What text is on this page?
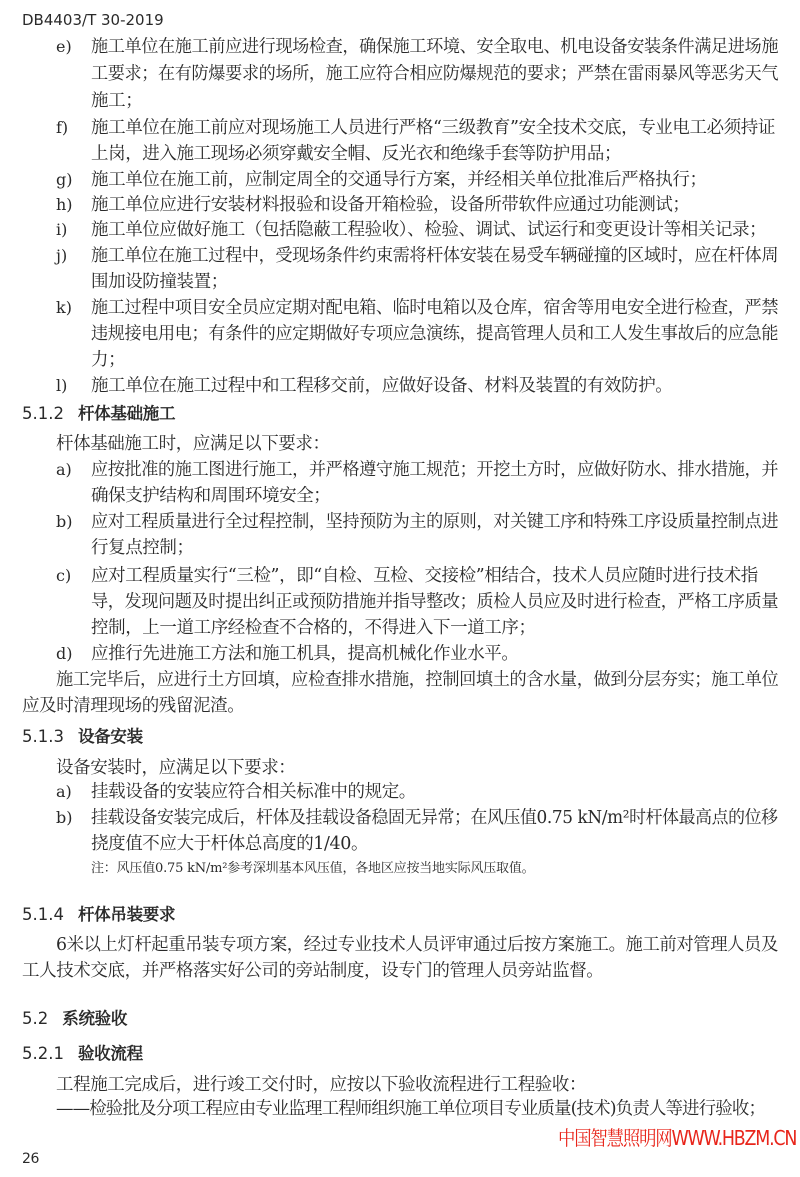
DB4403/T 30-2019
e) 施工单位在施工前应进行现场检查，确保施工环境、安全取电、机电设备安装条件满足进场施
工要求；在有防爆要求的场所，施工应符合相应防爆规范的要求；严禁在雷雨暴风等恶劣天气
施工；
f) 施工单位在施工前应对现场施工人员进行严格“三级教育”安全技术交底，专业电工必须持证
上岗，进入施工现场必须穿戴安全帽、反光衣和绝缘手套等防护用品；
g) 施工单位在施工前，应制定周全的交通导行方案，并经相关单位批准后严格执行；
h) 施工单位应进行安装材料报验和设备开箱检验，设备所带软件应通过功能测试；
i) 施工单位应做好施工（包括隐蔽工程验收）、检验、调试、试运行和变更设计等相关记录；
j) 施工单位在施工过程中，受现场条件约束需将杆体安装在易受车辆碰撞的区域时，应在杆体周
围加设防撞装置；
k) 施工过程中项目安全员应定期对配电箱、临时电箱以及仓库，宿舍等用电安全进行检查，严禁
违规接电用电；有条件的应定期做好专项应急演练，提高管理人员和工人发生事故后的应急能
力；
l) 施工单位在施工过程中和工程移交前，应做好设备、材料及装置的有效防护。
5.1.2 杆体基础施工
杆体基础施工时，应满足以下要求：
a) 应按批准的施工图进行施工，并严格遵守施工规范；开挖土方时，应做好防水、排水措施，并
确保支护结构和周围环境安全；
b) 应对工程质量进行全过程控制，坚持预防为主的原则，对关键工序和特殊工序设质量控制点进
行复点控制；
c) 应对工程质量实行“三检”，即“自检、互检、交接检”相结合，技术人员应随时进行技术指
导，发现问题及时提出纠正或预防措施并指导整改；质检人员应及时进行检查，严格工序质量
控制，上一道工序经检查不合格的，不得进入下一道工序；
d) 应推行先进施工方法和施工机具，提高机械化作业水平。
施工完毕后，应进行土方回填，应检查排水措施，控制回填土的含水量，做到分层夯实；施工单位
应及时清理现场的残留泥渣。
5.1.3 设备安装
设备安装时，应满足以下要求：
a) 挂载设备的安装应符合相关标准中的规定。
b) 挂载设备安装完成后，杆体及挂载设备稳固无异常；在风压值0.75 kN/m²时杆体最高点的位移
挠度值不应大于杆体总高度的1/40。
注：风压值0.75 kN/m²参考深圳基本风压值，各地区应按当地实际风压取值。
5.1.4 杆体吊装要求
6米以上灯杆起重吊装专项方案，经过专业技术人员评审通过后按方案施工。施工前对管理人员及
工人技术交底，并严格落实好公司的旁站制度，设专门的管理人员旁站监督。
5.2 系统验收
5.2.1 验收流程
工程施工完成后，进行竣工交付时，应按以下验收流程进行工程验收：
——检验批及分项工程应由专业监理工程师组织施工单位项目专业质量(技术)负责人等进行验收；
中国智慧照明网WWW.HBZM.CN
26
